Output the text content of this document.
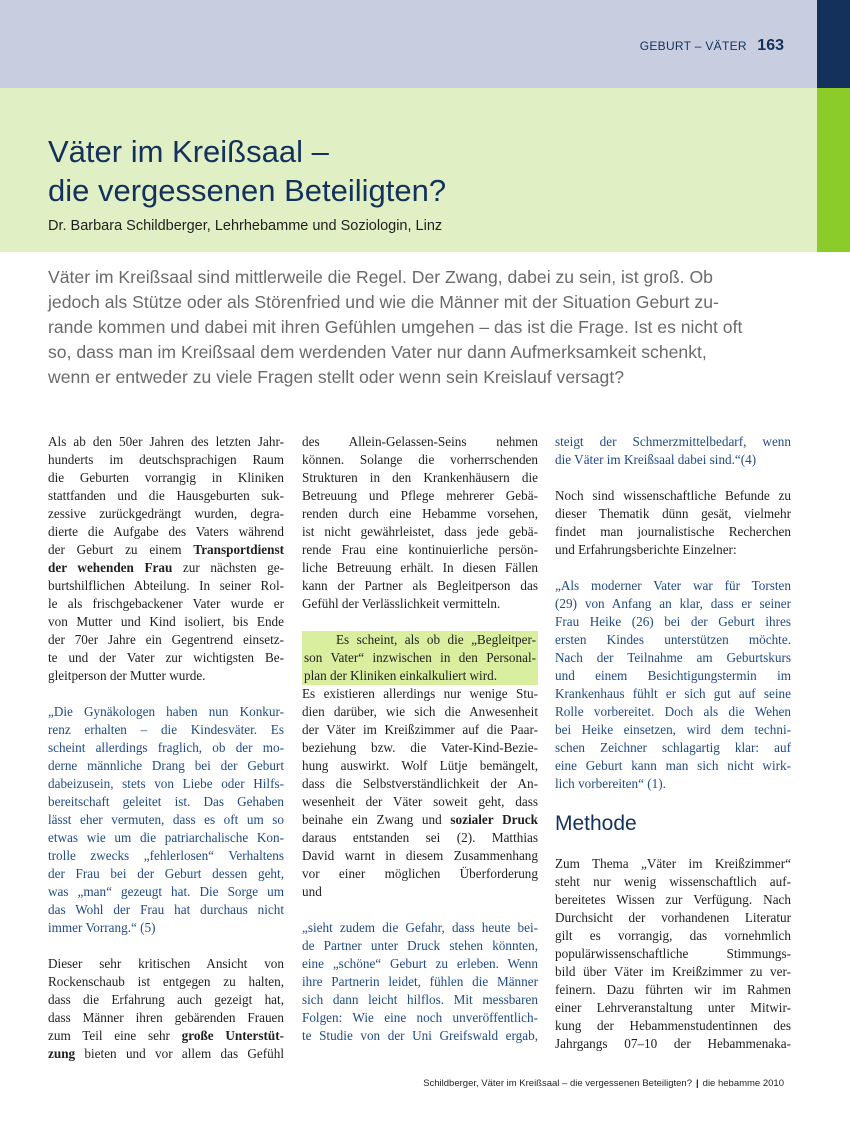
GEBURT – VÄTER 163
Väter im Kreißsaal –
die vergessenen Beteiligten?
Dr. Barbara Schildberger, Lehrhebamme und Soziologin, Linz
Väter im Kreißsaal sind mittlerweile die Regel. Der Zwang, dabei zu sein, ist groß. Ob
jedoch als Stütze oder als Störenfried und wie die Männer mit der Situation Geburt zu-
rande kommen und dabei mit ihren Gefühlen umgehen – das ist die Frage. Ist es nicht oft
so, dass man im Kreißsaal dem werdenden Vater nur dann Aufmerksamkeit schenkt,
wenn er entweder zu viele Fragen stellt oder wenn sein Kreislauf versagt?
Als ab den 50er Jahren des letzten Jahr-
hunderts im deutschsprachigen Raum
die Geburten vorrangig in Kliniken
stattfanden und die Hausgeburten suk-
zessive zurückgedrängt wurden, degra-
dierte die Aufgabe des Vaters während
der Geburt zu einem Transportdienst
der wehenden Frau zur nächsten ge-
burtshilflichen Abteilung. In seiner Rol-
le als frischgebackener Vater wurde er
von Mutter und Kind isoliert, bis Ende
der 70er Jahre ein Gegentrend einsetz-
te und der Vater zur wichtigsten Be-
gleitperson der Mutter wurde.
„Die Gynäkologen haben nun Konkur-
renz erhalten – die Kindesväter. Es
scheint allerdings fraglich, ob der mo-
derne männliche Drang bei der Geburt
dabeizusein, stets von Liebe oder Hilfs-
bereitschaft geleitet ist. Das Gehaben
lässt eher vermuten, dass es oft um so
etwas wie um die patriarchalische Kon-
trolle zwecks „fehlerlosen“ Verhaltens
der Frau bei der Geburt dessen geht,
was „man“ gezeugt hat. Die Sorge um
das Wohl der Frau hat durchaus nicht
immer Vorrang.“ (5)
Dieser sehr kritischen Ansicht von
Rockenschaub ist entgegen zu halten,
dass die Erfahrung auch gezeigt hat,
dass Männer ihren gebärenden Frauen
zum Teil eine sehr große Unterstüt-
zung bieten und vor allem das Gefühl
des Allein-Gelassen-Seins nehmen
können. Solange die vorherrschenden
Strukturen in den Krankenhäusern die
Betreuung und Pflege mehrerer Gebä-
renden durch eine Hebamme vorsehen,
ist nicht gewährleistet, dass jede gebä-
rende Frau eine kontinuierliche persön-
liche Betreuung erhält. In diesen Fällen
kann der Partner als Begleitperson das
Gefühl der Verlässlichkeit vermitteln.
Es scheint, als ob die „Begleitper-
son Vater“ inzwischen in den Personal-
plan der Kliniken einkalkuliert wird.
Es existieren allerdings nur wenige Stu-
dien darüber, wie sich die Anwesenheit
der Väter im Kreißzimmer auf die Paar-
beziehung bzw. die Vater-Kind-Bezie-
hung auswirkt. Wolf Lütje bemängelt,
dass die Selbstverständlichkeit der An-
wesenheit der Väter soweit geht, dass
beinahe ein Zwang und sozialer Druck
daraus entstanden sei (2). Matthias
David warnt in diesem Zusammenhang
vor einer möglichen Überforderung
und
„sieht zudem die Gefahr, dass heute bei-
de Partner unter Druck stehen könnten,
eine „schöne“ Geburt zu erleben. Wenn
ihre Partnerin leidet, fühlen die Männer
sich dann leicht hilflos. Mit messbaren
Folgen: Wie eine noch unveröffentlich-
te Studie von der Uni Greifswald ergab,
steigt der Schmerzmittelbedarf, wenn
die Väter im Kreißsaal dabei sind.“(4)
Noch sind wissenschaftliche Befunde zu
dieser Thematik dünn gesät, vielmehr
findet man journalistische Recherchen
und Erfahrungsberichte Einzelner:
„Als moderner Vater war für Torsten
(29) von Anfang an klar, dass er seiner
Frau Heike (26) bei der Geburt ihres
ersten Kindes unterstützen möchte.
Nach der Teilnahme am Geburtskurs
und einem Besichtigungstermin im
Krankenhaus fühlt er sich gut auf seine
Rolle vorbereitet. Doch als die Wehen
bei Heike einsetzen, wird dem techni-
schen Zeichner schlagartig klar: auf
eine Geburt kann man sich nicht wirk-
lich vorbereiten“ (1).
Methode
Zum Thema „Väter im Kreißzimmer“
steht nur wenig wissenschaftlich auf-
bereitetes Wissen zur Verfügung. Nach
Durchsicht der vorhandenen Literatur
gilt es vorrangig, das vornehmlich
populärwissenschaftliche Stimmungs-
bild über Väter im Kreißzimmer zu ver-
feinern. Dazu führten wir im Rahmen
einer Lehrveranstaltung unter Mitwir-
kung der Hebammenstudentinnen des
Jahrgangs 07–10 der Hebammenaka-
Schildberger, Väter im Kreißsaal – die vergessenen Beteiligten? | die hebamme 2010
